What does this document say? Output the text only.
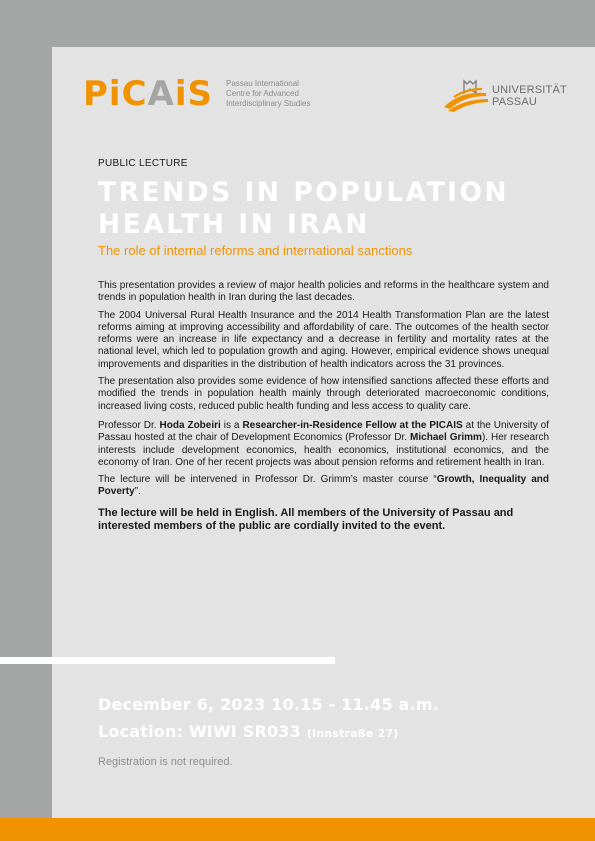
PiCAiS Passau International
Centre for Advanced
Interdisciplinary Studies
UNIVERSITÄT
PASSAU
PUBLIC LECTURE
TRENDS IN POPULATION HEALTH IN IRAN
The role of internal reforms and international sanctions

This presentation provides a review of major health policies and reforms in the healthcare system and trends in population health in Iran during the last decades.

The 2004 Universal Rural Health Insurance and the 2014 Health Transformation Plan are the latest reforms aiming at improving accessibility and affordability of care. The outcomes of the health sector reforms were an increase in life expectancy and a decrease in fertility and mortality rates at the national level, which led to population growth and aging. However, empirical evidence shows unequal improvements and disparities in the distribution of health indicators across the 31 provinces.

The presentation also provides some evidence of how intensified sanctions affected these efforts and modified the trends in population health mainly through deteriorated macroeconomic conditions, increased living costs, reduced public health funding and less access to quality care.

Professor Dr. Hoda Zobeiri is a Researcher-in-Residence Fellow at the PICAIS at the University of Passau hosted at the chair of Development Economics (Professor Dr. Michael Grimm). Her research interests include development economics, health economics, institutional economics, and the economy of Iran. One of her recent projects was about pension reforms and retirement health in Iran.

The lecture will be intervened in Professor Dr. Grimm’s master course “Growth, Inequality and Poverty”.

The lecture will be held in English. All members of the University of Passau and interested members of the public are cordially invited to the event.

December 6, 2023 10.15 - 11.45 a.m.
Location: WIWI SR033 (Innstraße 27)
Registration is not required.
